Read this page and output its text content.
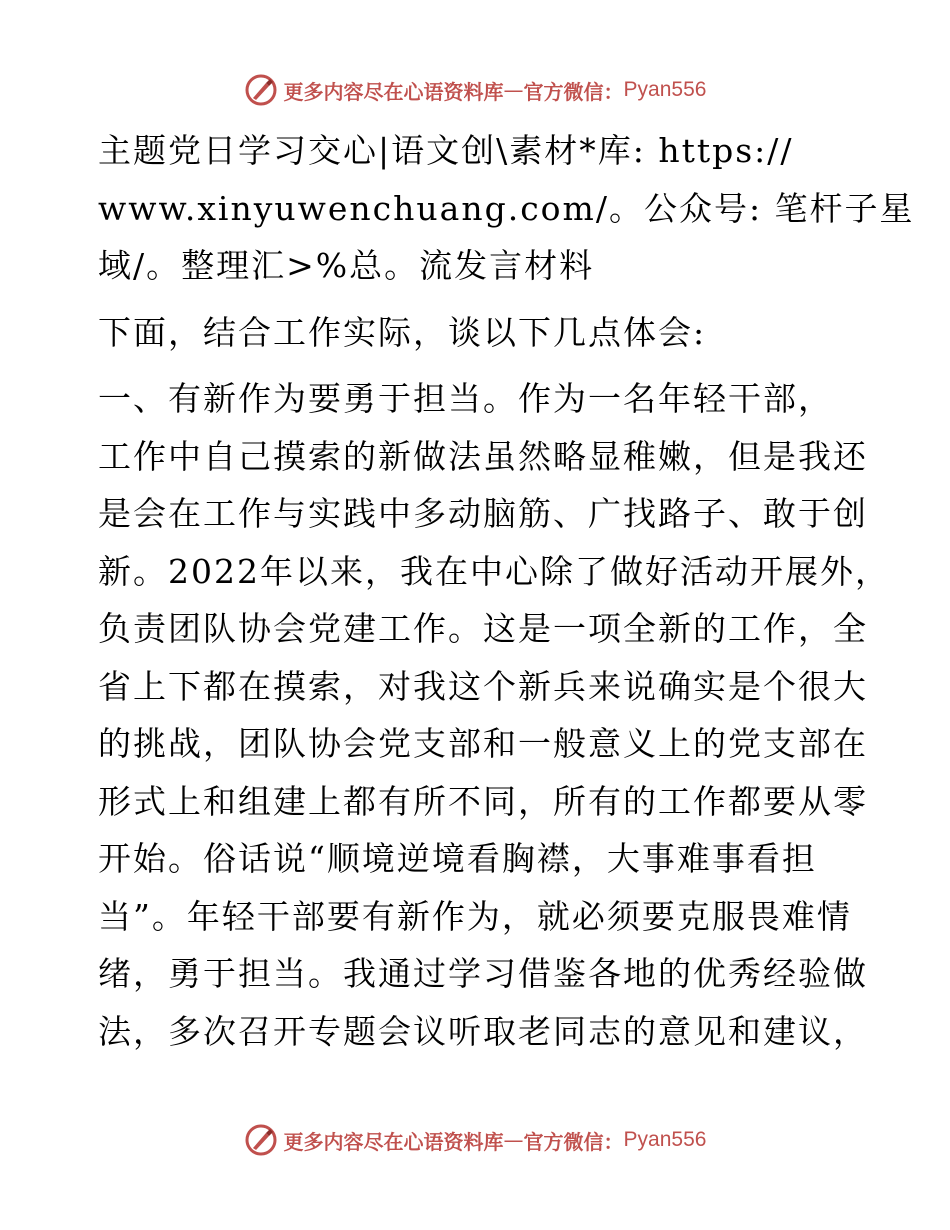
更多内容尽在心语资料库 — 官方微信： Pyan556

主题党日学习交心|语文创\素材*库: https://
www.xinyuwenchuang.com/。公众号: 笔杆子星
域/。整理汇>%总。流发言材料

下面，结合工作实际，谈以下几点体会:

一、有新作为要勇于担当。作为一名年轻干部，
工作中自己摸索的新做法虽然略显稚嫩，但是我还
是会在工作与实践中多动脑筋、广找路子、敢于创
新。2022年以来，我在中心除了做好活动开展外，
负责团队协会党建工作。这是一项全新的工作，全
省上下都在摸索，对我这个新兵来说确实是个很大
的挑战，团队协会党支部和一般意义上的党支部在
形式上和组建上都有所不同，所有的工作都要从零
开始。俗话说“顺境逆境看胸襟，大事难事看担
当”。年轻干部要有新作为，就必须要克服畏难情
绪，勇于担当。我通过学习借鉴各地的优秀经验做
法，多次召开专题会议听取老同志的意见和建议，

更多内容尽在心语资料库 — 官方微信： Pyan556
